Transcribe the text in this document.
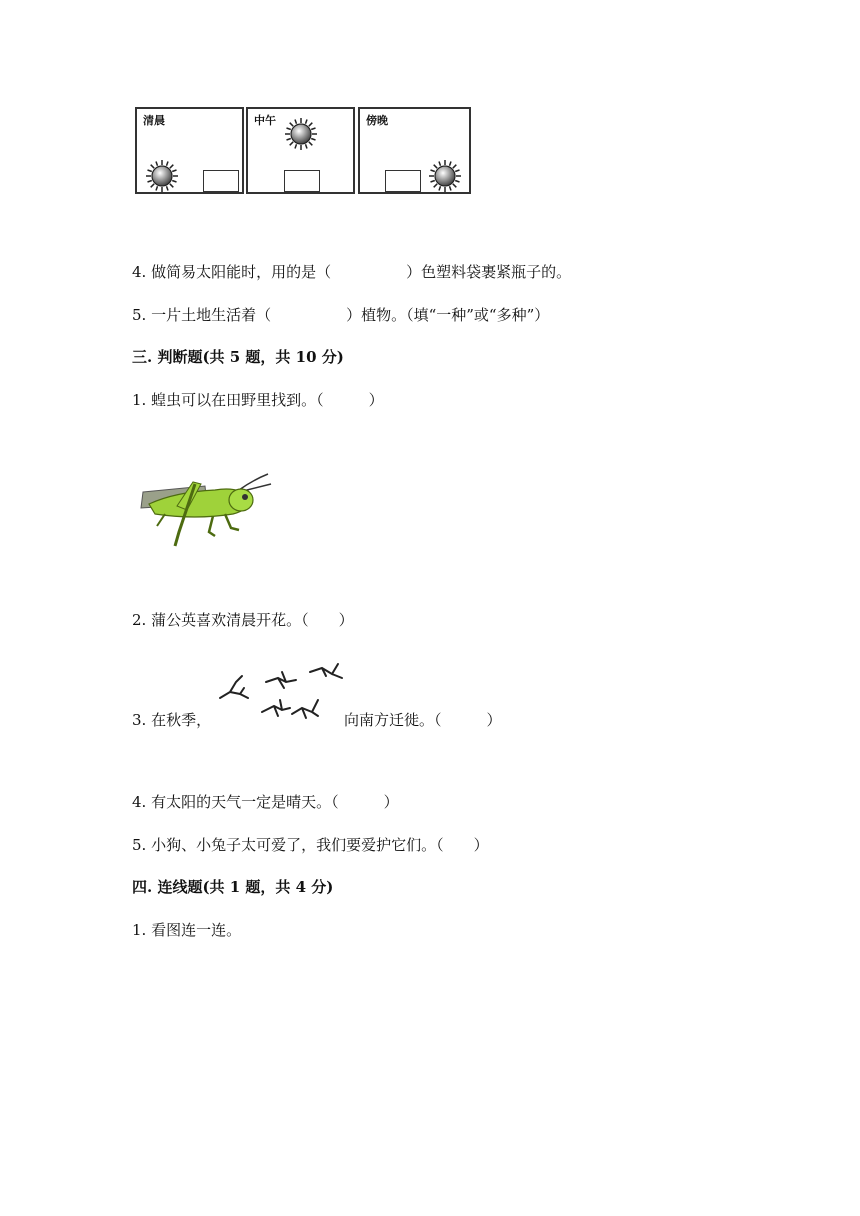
清晨	中午	傍晚
4. 做简易太阳能时，用的是（　　　　　）色塑料袋裹紧瓶子的。
5. 一片土地生活着（　　　　　）植物。（填“一种”或“多种”）
三. 判断题(共 5 题，共 10 分)
1. 蝗虫可以在田野里找到。（　　　）
2. 蒲公英喜欢清晨开花。（　　）
3. 在秋季，	向南方迁徙。（　　　）
4. 有太阳的天气一定是晴天。（　　　）
5. 小狗、小兔子太可爱了，我们要爱护它们。（　　）
四. 连线题(共 1 题，共 4 分)
1. 看图连一连。
